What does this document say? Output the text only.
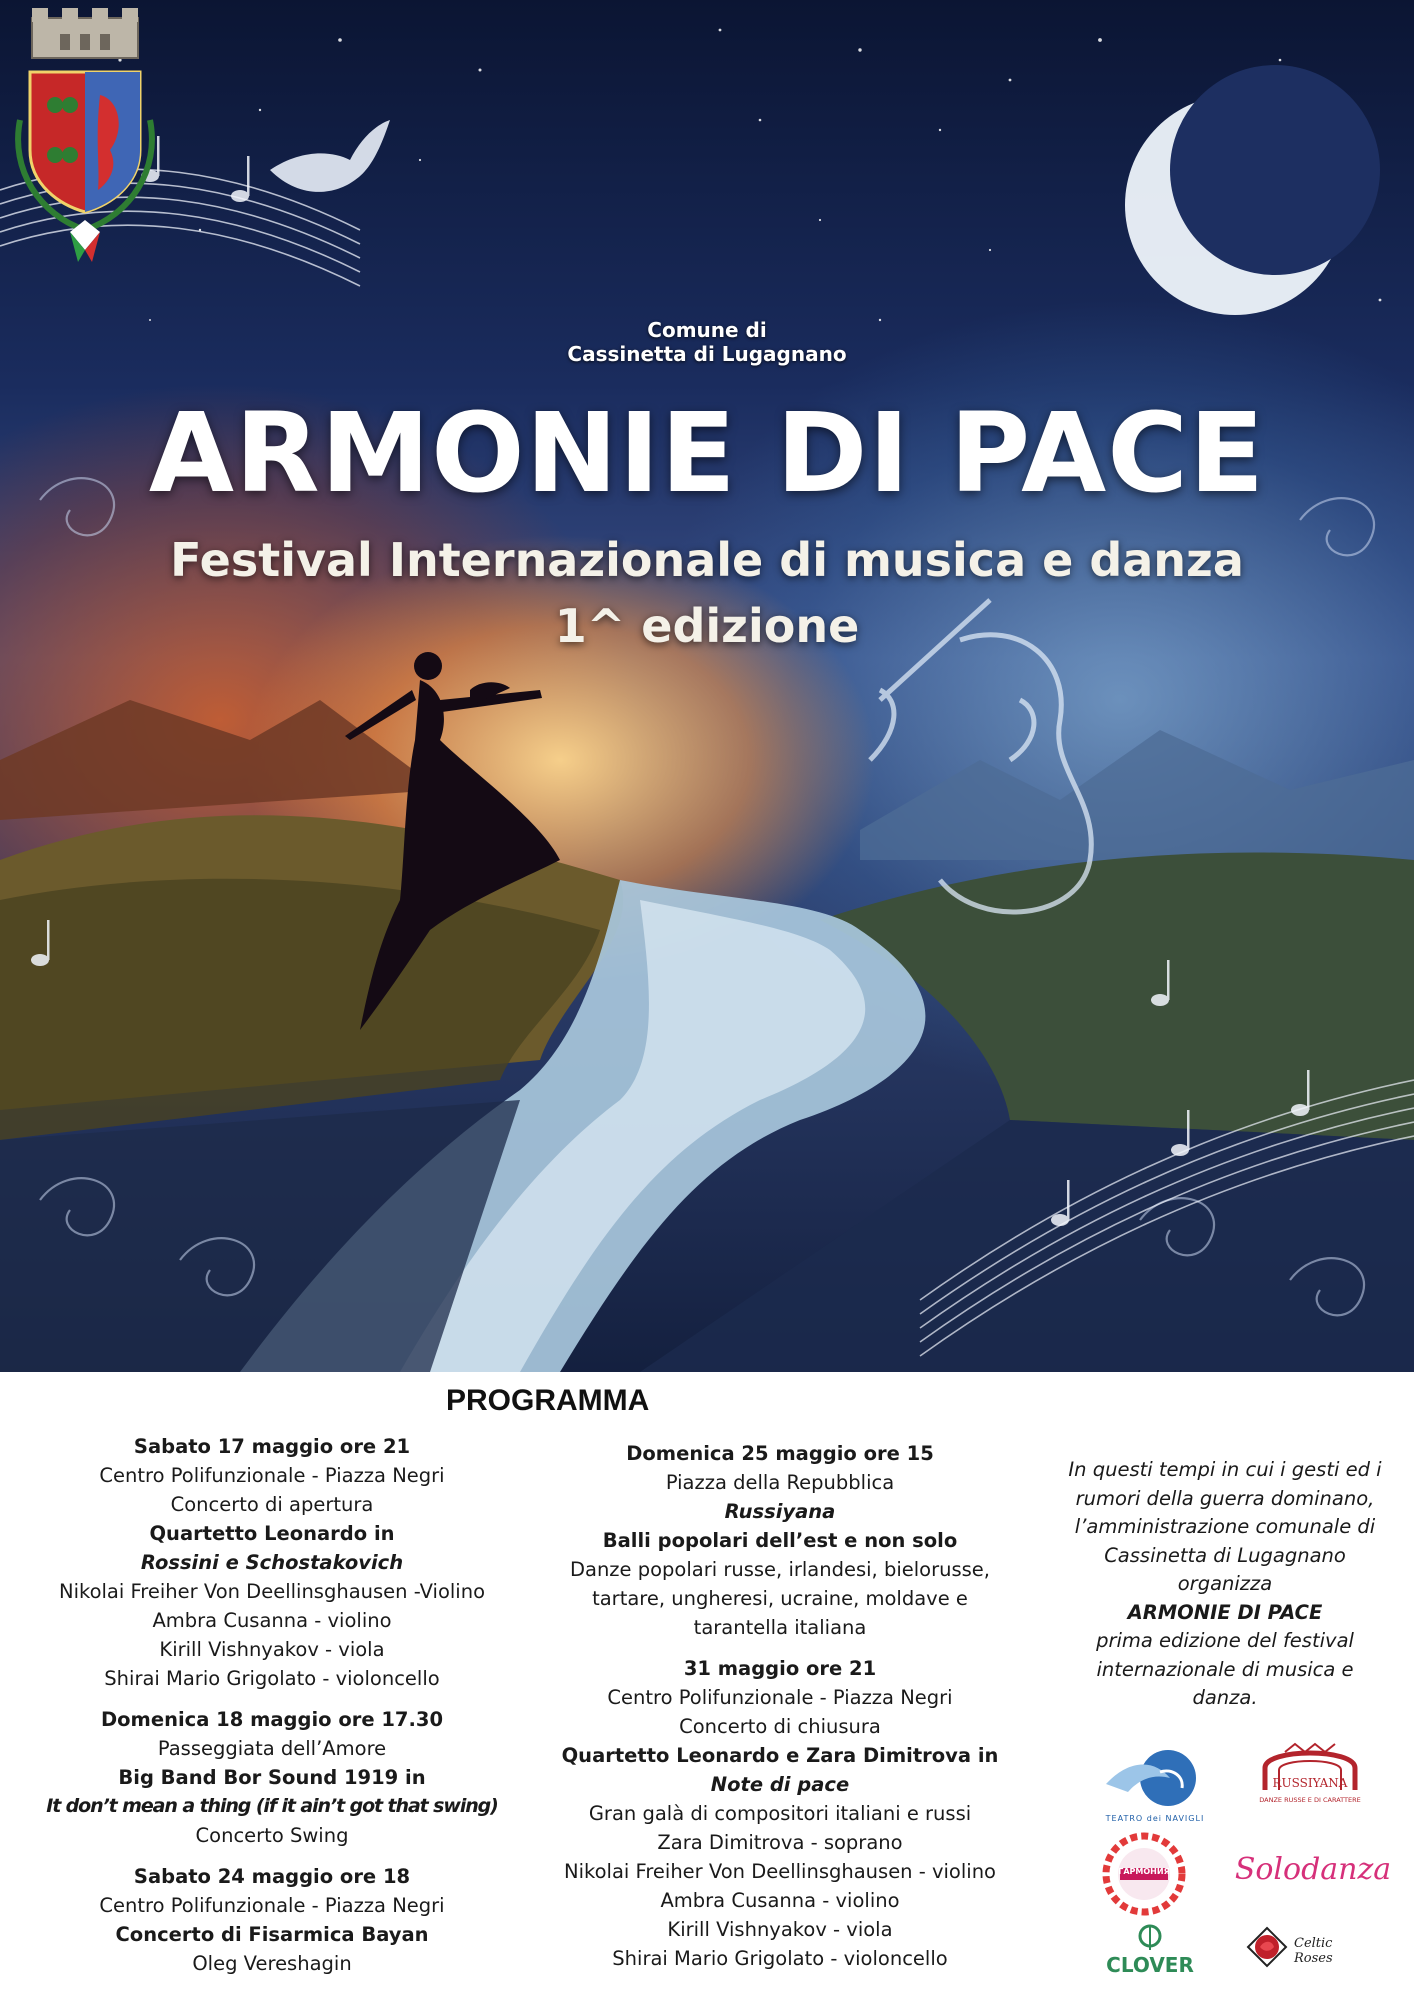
Comune di
Cassinetta di Lugagnano
ARMONIE DI PACE
Festival Internazionale di musica e danza
1^ edizione
PROGRAMMA
Sabato 17 maggio ore 21
Centro Polifunzionale - Piazza Negri
Concerto di apertura
Quartetto Leonardo in
Rossini e Schostakovich
Nikolai Freiher Von Deellinsghausen -Violino
Ambra Cusanna - violino
Kirill Vishnyakov - viola
Shirai Mario Grigolato - violoncello
Domenica 18 maggio ore 17.30
Passeggiata dell’Amore
Big Band Bor Sound 1919 in
It don’t mean a thing (if it ain’t got that swing)
Concerto Swing
Sabato 24 maggio ore 18
Centro Polifunzionale - Piazza Negri
Concerto di Fisarmica Bayan
Oleg Vereshagin
Domenica 25 maggio ore 15
Piazza della Repubblica
Russiyana
Balli popolari dell’est e non solo
Danze popolari russe, irlandesi, bielorusse,
tartare, ungheresi, ucraine, moldave e
tarantella italiana
31 maggio ore 21
Centro Polifunzionale - Piazza Negri
Concerto di chiusura
Quartetto Leonardo e Zara Dimitrova in
Note di pace
Gran galà di compositori italiani e russi
Zara Dimitrova - soprano
Nikolai Freiher Von Deellinsghausen - violino
Ambra Cusanna - violino
Kirill Vishnyakov - viola
Shirai Mario Grigolato - violoncello
In questi tempi in cui i gesti ed i
rumori della guerra dominano,
l’amministrazione comunale di
Cassinetta di Lugagnano
organizza
ARMONIE DI PACE
prima edizione del festival
internazionale di musica e
danza.
TEATRO dei NAVIGLI
RUSSIYANA
DANZE RUSSE E DI CARATTERE
ГАРМОНИЯ	Solodanza
CLOVER
Celtic Roses
